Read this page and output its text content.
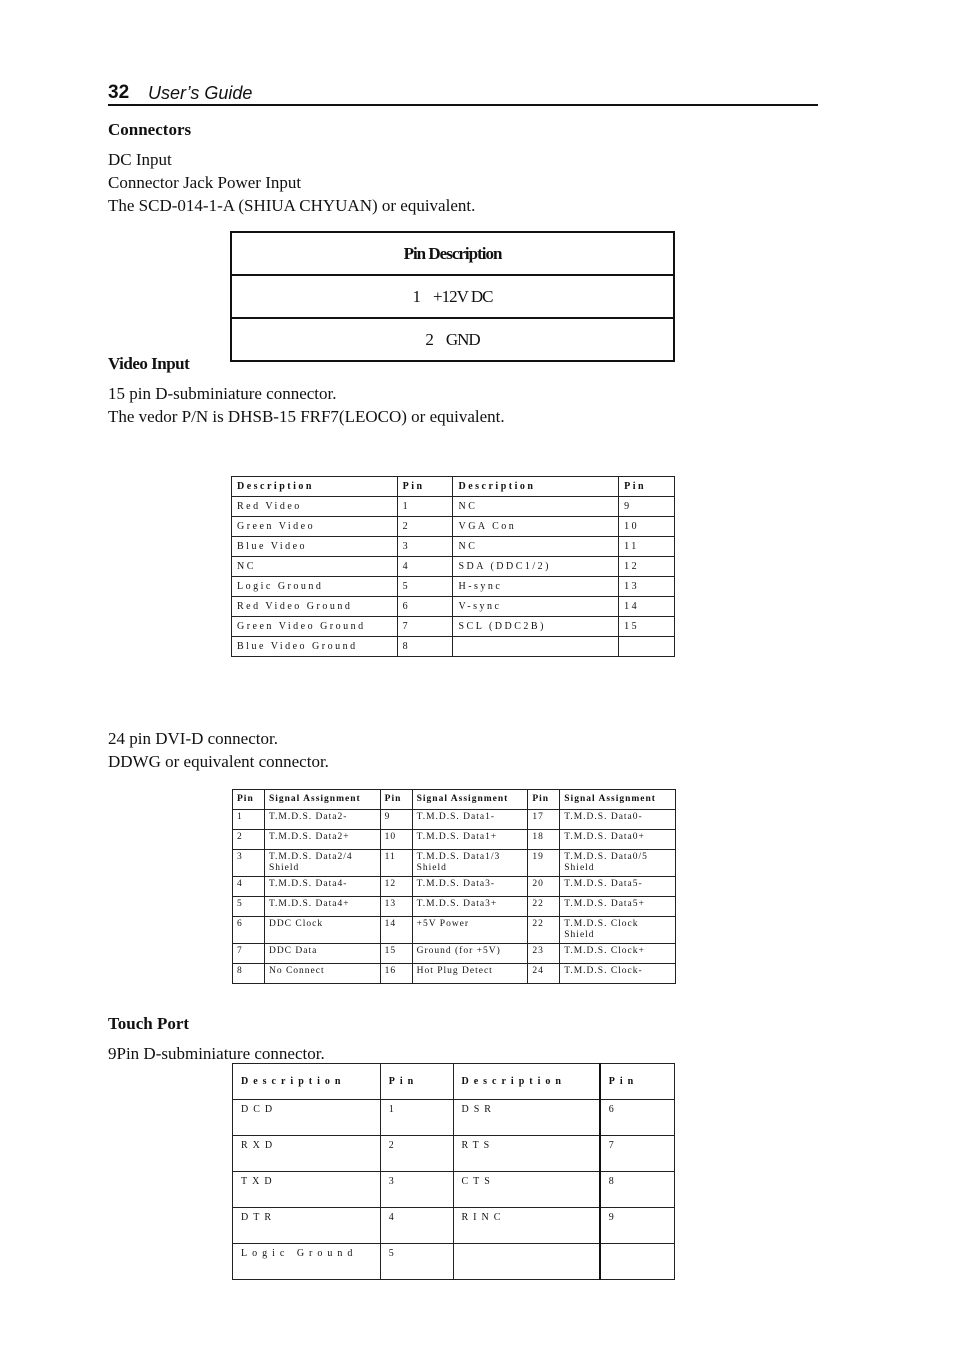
32 User’s Guide
Connectors
DC Input
Connector Jack Power Input
The SCD-014-1-A (SHIUA CHYUAN) or equivalent.
Pin Description
1    +12V DC
2    GND
Video Input
15 pin D-subminiature connector.
The vedor P/N is DHSB-15 FRF7(LEOCO) or equivalent.
Description	Pin	Description	Pin
Red Video	1	NC	9
Green Video	2	VGA Con	10
Blue Video	3	NC	11
NC	4	SDA (DDC1/2)	12
Logic Ground	5	H-sync	13
Red Video Ground	6	V-sync	14
Green Video Ground	7	SCL (DDC2B)	15
Blue Video Ground	8		
24 pin DVI-D connector.
DDWG or equivalent connector.
Pin	Signal Assignment	Pin	Signal Assignment	Pin	Signal Assignment
1	T.M.D.S. Data2-	9	T.M.D.S. Data1-	17	T.M.D.S. Data0-
2	T.M.D.S. Data2+	10	T.M.D.S. Data1+	18	T.M.D.S. Data0+
3	T.M.D.S. Data2/4 Shield	11	T.M.D.S. Data1/3 Shield	19	T.M.D.S. Data0/5 Shield
4	T.M.D.S. Data4-	12	T.M.D.S. Data3-	20	T.M.D.S. Data5-
5	T.M.D.S. Data4+	13	T.M.D.S. Data3+	22	T.M.D.S. Data5+
6	DDC Clock	14	+5V Power	22	T.M.D.S. Clock Shield
7	DDC Data	15	Ground (for +5V)	23	T.M.D.S. Clock+
8	No Connect	16	Hot Plug Detect	24	T.M.D.S. Clock-
Touch Port
9Pin D-subminiature connector.
Description	Pin	Description	Pin
DCD	1	DSR	6
RXD	2	RTS	7
TXD	3	CTS	8
DTR	4	RINC	9
Logic Ground	5		
